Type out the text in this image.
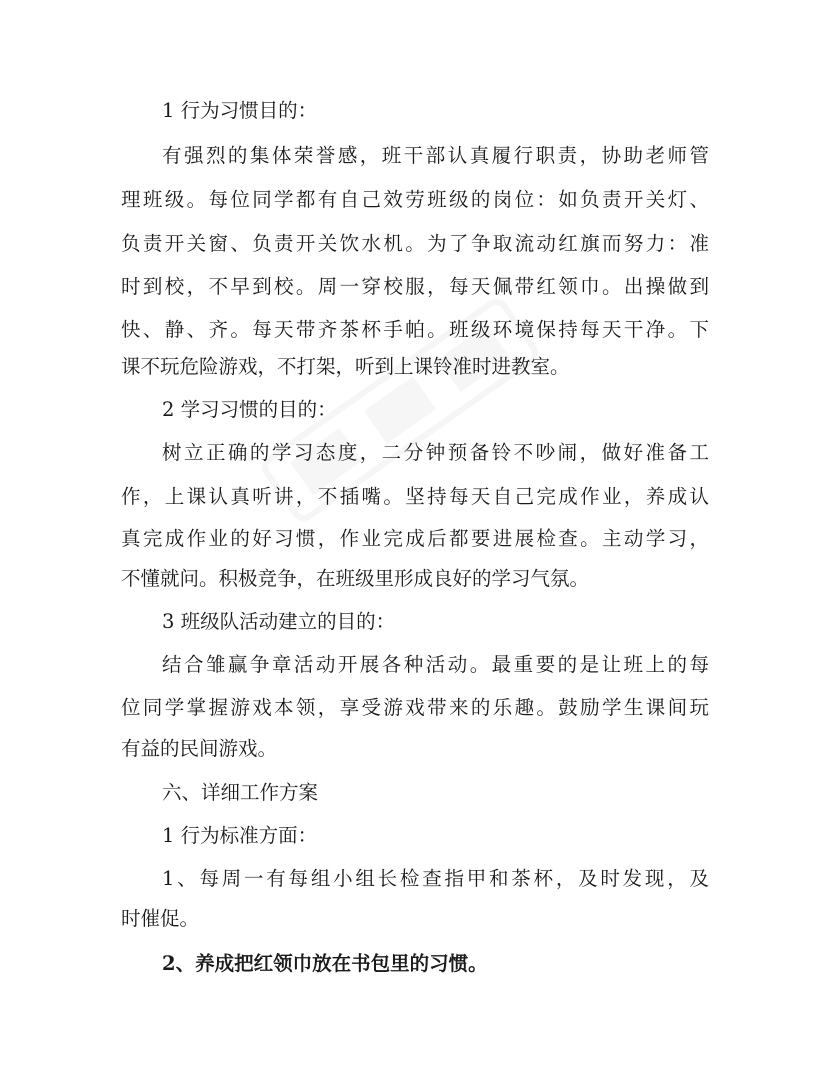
1 行为习惯目的：
有强烈的集体荣誉感，班干部认真履行职责，协助老师管
理班级。每位同学都有自己效劳班级的岗位：如负责开关灯、
负责开关窗、负责开关饮水机。为了争取流动红旗而努力：准
时到校，不早到校。周一穿校服，每天佩带红领巾。出操做到
快、静、齐。每天带齐茶杯手帕。班级环境保持每天干净。下
课不玩危险游戏，不打架，听到上课铃准时进教室。
2 学习习惯的目的：
树立正确的学习态度，二分钟预备铃不吵闹，做好准备工
作，上课认真听讲，不插嘴。坚持每天自己完成作业，养成认
真完成作业的好习惯，作业完成后都要进展检查。主动学习，
不懂就问。积极竞争，在班级里形成良好的学习气氛。
3 班级队活动建立的目的：
结合雏赢争章活动开展各种活动。最重要的是让班上的每
位同学掌握游戏本领，享受游戏带来的乐趣。鼓励学生课间玩
有益的民间游戏。
六、详细工作方案
1 行为标准方面：
1、每周一有每组小组长检查指甲和茶杯，及时发现，及
时催促。
2、养成把红领巾放在书包里的习惯。
